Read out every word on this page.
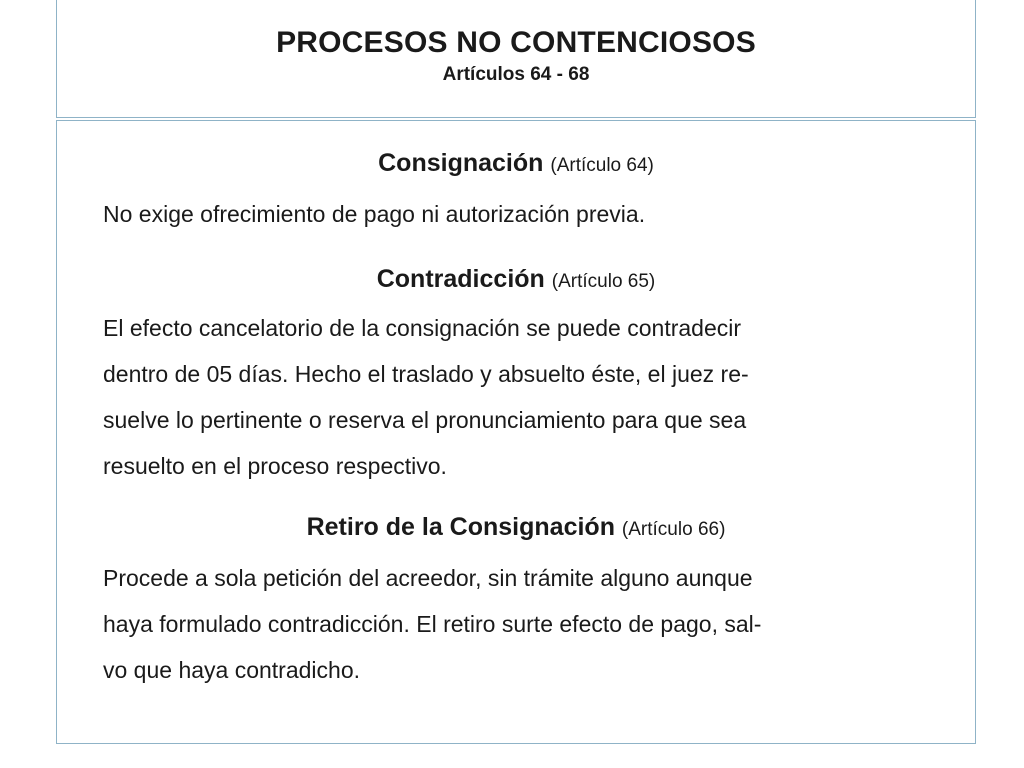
PROCESOS NO CONTENCIOSOS
Artículos 64 - 68
Consignación (Artículo 64)
No exige ofrecimiento de pago ni autorización previa.
Contradicción (Artículo 65)
El efecto cancelatorio de la consignación se puede contradecir
dentro de 05 días. Hecho el traslado y absuelto éste, el juez re-
suelve lo pertinente o reserva el pronunciamiento para que sea
resuelto en el proceso respectivo.
Retiro de la Consignación (Artículo 66)
Procede a sola petición del acreedor, sin trámite alguno aunque
haya formulado contradicción. El retiro surte efecto de pago, sal-
vo que haya contradicho.
